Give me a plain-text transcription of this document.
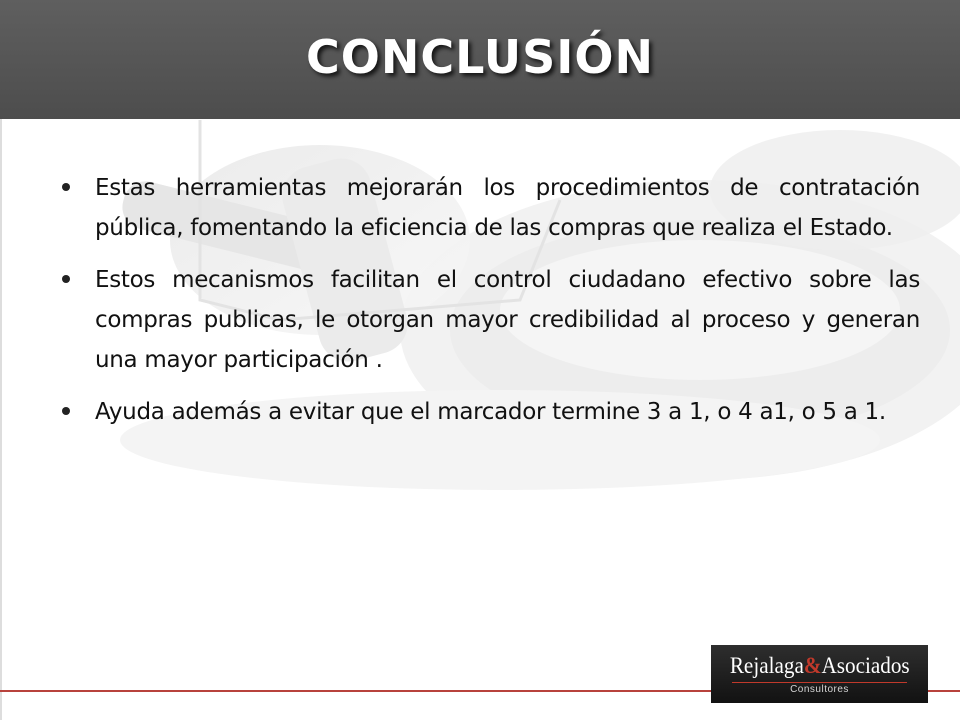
CONCLUSIÓN
Estas herramientas mejorarán los procedimientos de contratación pública, fomentando la eficiencia de las compras que realiza el Estado.
Estos mecanismos facilitan el control ciudadano efectivo sobre las compras publicas, le otorgan mayor credibilidad al proceso y generan una mayor participación .
Ayuda además a evitar que el marcador termine 3 a 1, o 4 a1, o 5 a 1.
Rejalaga&Asociados
Consultores
